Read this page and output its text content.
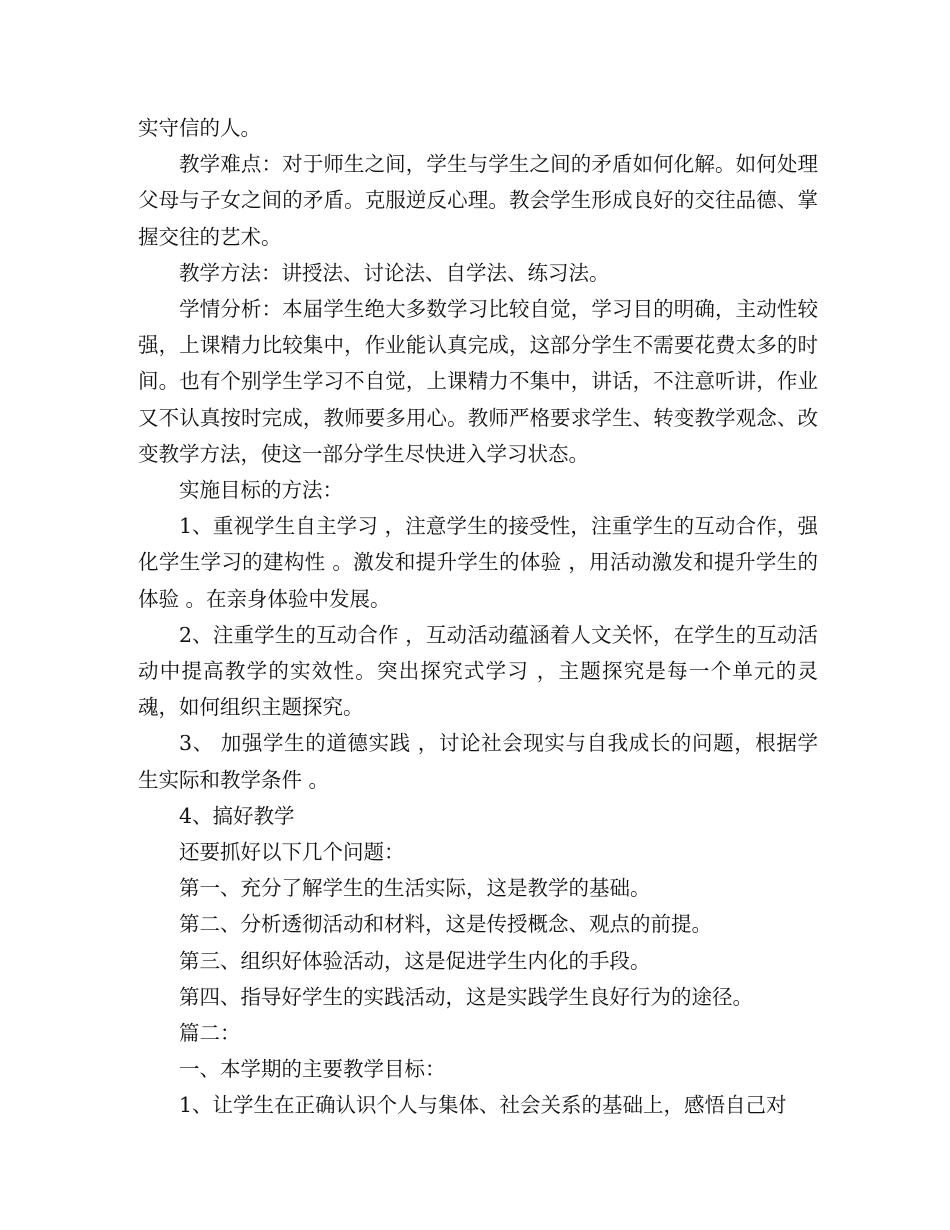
实守信的人。

教学难点：对于师生之间，学生与学生之间的矛盾如何化解。如何处理父母与子女之间的矛盾。克服逆反心理。教会学生形成良好的交往品德、掌握交往的艺术。

教学方法：讲授法、讨论法、自学法、练习法。

学情分析：本届学生绝大多数学习比较自觉，学习目的明确，主动性较强，上课精力比较集中，作业能认真完成，这部分学生不需要花费太多的时间。也有个别学生学习不自觉，上课精力不集中，讲话，不注意听讲，作业又不认真按时完成，教师要多用心。教师严格要求学生、转变教学观念、改变教学方法，使这一部分学生尽快进入学习状态。

实施目标的方法：

1、重视学生自主学习 ，注意学生的接受性，注重学生的互动合作，强化学生学习的建构性 。激发和提升学生的体验 ，用活动激发和提升学生的体验 。在亲身体验中发展。

2、注重学生的互动合作 ，互动活动蕴涵着人文关怀，在学生的互动活动中提高教学的实效性。突出探究式学习 ，主题探究是每一个单元的灵魂，如何组织主题探究。

3、 加强学生的道德实践 ，讨论社会现实与自我成长的问题，根据学生实际和教学条件 。

4、搞好教学

还要抓好以下几个问题：

第一、充分了解学生的生活实际，这是教学的基础。

第二、分析透彻活动和材料，这是传授概念、观点的前提。

第三、组织好体验活动，这是促进学生内化的手段。

第四、指导好学生的实践活动，这是实践学生良好行为的途径。

篇二：

一、本学期的主要教学目标：

1、让学生在正确认识个人与集体、社会关系的基础上，感悟自己对
